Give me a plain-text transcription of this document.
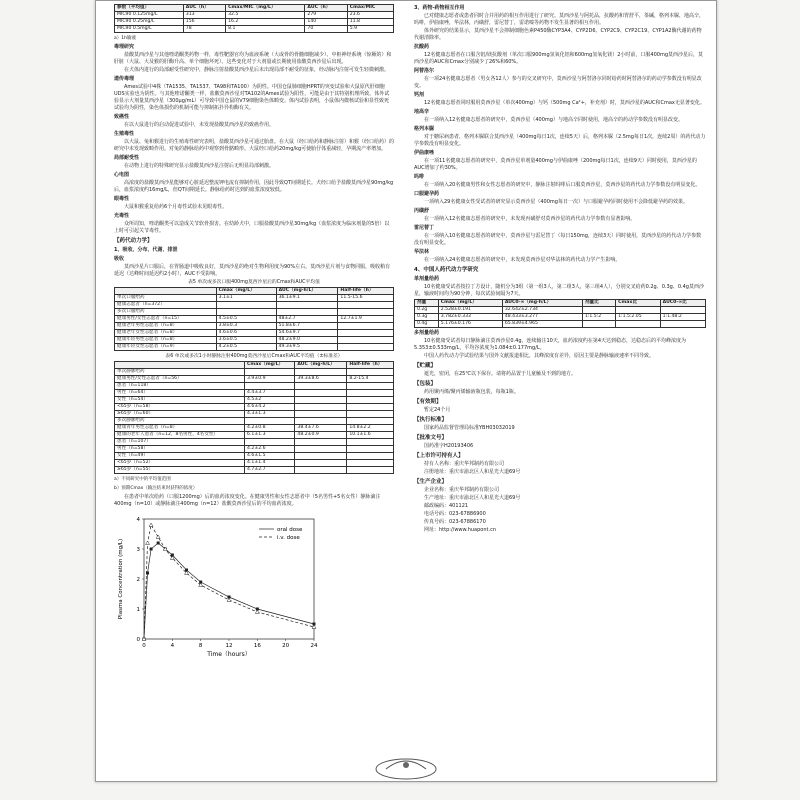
参数（平均值）	AUC（h）	Cmax/MIC（mg/L）	AUC（h）	Cmax/MIC
MIC90 0.125mg/L	313	32.5	279	23.6
MIC90 0.25mg/L	156	16.2	140	11.8
MIC90 0.5mg/L	78	8.1	70	5.9
a）1h输液
毒理研究
盐酸莫西沙星与其他喹诺酮类药物一样，毒性靶器官均为血液系统（大或骨的骨髓细胞减少）、中枢神经系统（惊厥的）和肝脏（大鼠、大及猴的肝酶升高、单个细胞坏死）。这些变化对于大剂量或长期使用盐酸莫西沙星后出现。
在犬体内进行的局部耐受性研究中，静脉注射盐酸莫西沙星后未出现局部不耐受的征象，经动脉内注射可发生轻微刺激。
遗传毒理
Ames试验中4株（TA1535、TA1537、TA98和TA100）为阴性。中国仓鼠肺细胞HPRT的突变试验和大鼠原代肝细胞UDS实验也为阴性。与其他喹诺酮类一样，盐酸莫西沙星对TA102的Ames试验为阳性，可能是由于其特别机理所致。体外试验显示大剂量莫西沙星（300μg/mL）可导致中国仓鼠的V79细胞染色体畸变。体内试验表明，小鼠体内微核试验和显性致死试验均为阴性，染色体损伤的机制可能与抑制拓扑异构酶有关。
致癌性
在以大鼠进行的启动促进试验中，未发现盐酸莫西沙星的致癌作用。
生殖毒性
以大鼠、兔和猴进行的生殖毒性研究表明，盐酸莫西沙星可通过胎盘。在大鼠（经口给药和静脉注射）和猴（经口给药）的研究中未发现致畸作用。对兔的静脉给药中观察到骨骼畸形。大鼠经口给药20mg/kg可使胎仔体重减轻，孕期流产率增加。
局部耐受性
在动物上进行的特殊研究显示盐酸莫西沙星注射后无明显局部刺激。
心电图
高浓度的盐酸莫西沙星能够对心脏延迟整流钾电流有抑制作用，因此导致QT间期延长。犬经口给予盐酸莫西沙星90mg/kg后，血浆浓度约16mg/L，但QT间期延长。静脉给药时达到的血浆浓度较低。
眼毒性
大鼠和猴重复给药6个月毒性试验未见眼毒性。
光毒性
众所周知，喹诺酮类可以造成关节软骨损害。在幼龄犬中，口服盐酸莫西沙星30mg/kg（血浆浓度为临床剂量的5倍）以上时可引起关节毒性。
【药代动力学】
1、吸收、分布、代谢、排泄
吸收
莫西沙星片口服后，在胃肠道中吸收良好，莫西沙星的绝对生物利用度为90%左右。莫西沙星片剂与食物同服，吸收稍有延迟（达峰时间延迟约2小时），AUC不受影响。
表5 单次或多次口服400mg莫西沙星后的Cmax和AUC平均值
	Cmax（mg/L）	AUC（mg·h/L）	Half-life（h）
单次口服给药	3.1±1	36.1±9.1	11.5-15.6
健康志愿者（n=372）			
多次口服给药			
健康男性/女性志愿者（n=15）	4.5±0.5	48±2.7	12.7±1.9
健康老年男性志愿者（n=8）	3.8±0.3	51.8±6.7	
健康老年女性志愿者（n=8）	4.6±0.6	54.6±9.7	
健康年轻男性志愿者（n=8）	3.6±0.5	48.2±9.0	
健康年轻女性志愿者（n=9）	4.2±0.5	49.3±9.5	
表6 单次或多次1小时静脉注射400mg莫西沙星后Cmax和AUC平均值（±标准差）
	Cmax（mg/L）	AUC（mg·h/L）	Half-life（h）
单次静脉给药			
健康男性/女性志愿者（n=56）	3.9±0.9	39.3±8.6	8.2-15.4
患者（n=118）			
男性（n=64）	4.4±3.7		
女性（n=54）	4.5±2		
<65岁（n=58）	4.6±4.2		
≥65岁（n=60）	4.3±1.3		
多次静脉给药			
健康青年男性志愿者（n=8）	4.2±0.8	38.4±7.6	14.8±2.2
健康的老年人患者（n=12，8名男性，4名女性）	6.1±1.3	48.2±0.9	10.1±1.6
患者（n=107）			
男性（n=58）	4.2±2.6		
女性（n=49）	4.6±1.5		
<65岁（n=52）	4.1±1.4		
≥65岁（n=55）	4.7±2.7		
a）不同研究中的平均值范围
b）预期Cmax（输注结束时获得的浓度）
在患者中单次给药（口服1200mg）后的血药浓度变化。在健康男性和女性志愿者中（5名男性+5名女性）静脉滴注400mg（n=10）或静脉滴注400mg（n=12）盐酸莫西沙星后的平均血药浓度。
0	4	8	12	16	20	24
0
1
2
3
4
Time（hours）
Plasma Concentration (mg/L)
oral dose
i.v. dose
3、药物-药物相互作用
已对健康志愿者或患者同时合并用药的相互作用进行了研究。莫西沙星与阿托品，抗酸药和胃舒平，茶碱，格列本脲，地高辛，吗啡，伊曲康唑，华法林，丙磺舒，雷尼替丁，雷诺嗪等药物不发生显著的相互作用。
体外研究的结果显示，莫西沙星不会抑制细胞色素P450酶CYP3A4、CYP2D6、CYP2C9、CYP2C19、CYP1A2酶代谢的药物代谢清除率。
抗酸药
12名健康志愿者在口服含铝/镁抗酸剂（单次口服900mg氢氧化铝和600mg氢氧化镁）2小时前，口服400mg莫西沙星后，莫西沙星的AUC和Cmax分别减少了26%和60%。
阿替洛尔
在一项24名健康志愿者（男女各12人）参与的交叉研究中，莫西沙星与阿替洛尔同时给药时阿替洛尔的药动学参数没有明显改变。
钙剂
12名健康志愿者同时服用莫西沙星（单次400mg）与钙（500mg Ca²+，补充剂）时，莫西沙星的AUC和Cmax无显著变化。
地高辛
在一项纳入12名健康志愿者的研究中，莫西沙星（400mg）与地高辛同时使用，地高辛的药动学参数没有明显改变。
格列本脲
对于糖尿病患者，格列本脲联合莫西沙星（400mg每日1次，连续5天）后，格列本脲（2.5mg每日1次，连续2周）的药代动力学参数没有明显变化。
伊曲康唑
在一项11名健康志愿者的研究中，莫西沙星单剂量400mg与伊曲康唑（200mg每日1次，连续9天）同时使用，莫西沙星的AUC增加了约30%。
吗啡
在一项纳入20名健康男性和女性志愿者的研究中，静脉注射吗啡后口服莫西沙星，莫西沙星的药代动力学参数没有明显变化。
口服避孕药
一项纳入29名健康女性受试者的研究显示莫西沙星（400mg每日一次）与口服避孕药同时使用不会降低避孕药的效果。
丙磺舒
在一项纳入12名健康志愿者的研究中，未发现丙磺舒对莫西沙星的药代动力学参数有显著影响。
雷尼替丁
在一项纳入10名健康志愿者的研究中，莫西沙星与雷尼替丁（每日150mg，连续3天）同时使用，莫西沙星的药代动力学参数没有明显变化。
华法林
在一项纳入24名健康志愿者的研究中，未发现莫西沙星对华法林的药代动力学产生影响。
4、中国人药代动力学研究
单剂量给药
10名健康受试者按拉丁方设计，随机分为3组（第一组3人，第二组3人，第三组4人），分别交叉给药0.2g、0.3g、0.4g莫西沙星，输液时间均为90分钟，每次试验间隔为7天。
剂量	Cmax（mg/L）	AUC0-∞（mg·h/L）	剂量比	Cmax比	AUC0-∞比
0.2g	2.528±0.191	32.642±2.734			
0.3g	3.782±0.333	48.433±3.277	1:1.5:2	1:1.5:2.05	1:1.48:2
0.4g	5.176±0.176	65.839±4.965			
多剂量给药
10名健康受试者每日静脉滴注莫西沙星0.4g，连续输注10天，血药浓度约在第4天达到稳态，达稳态后的平均峰浓度为5.353±0.533mg/L，平均谷浓度为1.084±0.177mg/L。
中国人药代动力学试验结果与国外文献报道相比，其峰浓度有差异，原因主要是静脉输液速率不同导致。
【贮藏】
遮光，密闭，在25℃以下保存。请将药品置于儿童触及不到的地方。
【包装】
药用聚丙烯/聚丙烯输液瓶包装，每瓶1瓶。
【有效期】
暂定24个月
【执行标准】
国家药品监督管理局标准YBH03032019
【批准文号】
国药准字H20193406
【上市许可持有人】
持有人名称：重庆华邦制药有限公司
注册地址：重庆市渝北区人和星光大道69号
【生产企业】
企业名称：重庆华邦制药有限公司
生产地址：重庆市渝北区人和星光大道69号
邮政编码：401121
电话号码：023-67886900
传真号码：023-67886170
网址：http://www.huapont.cn
